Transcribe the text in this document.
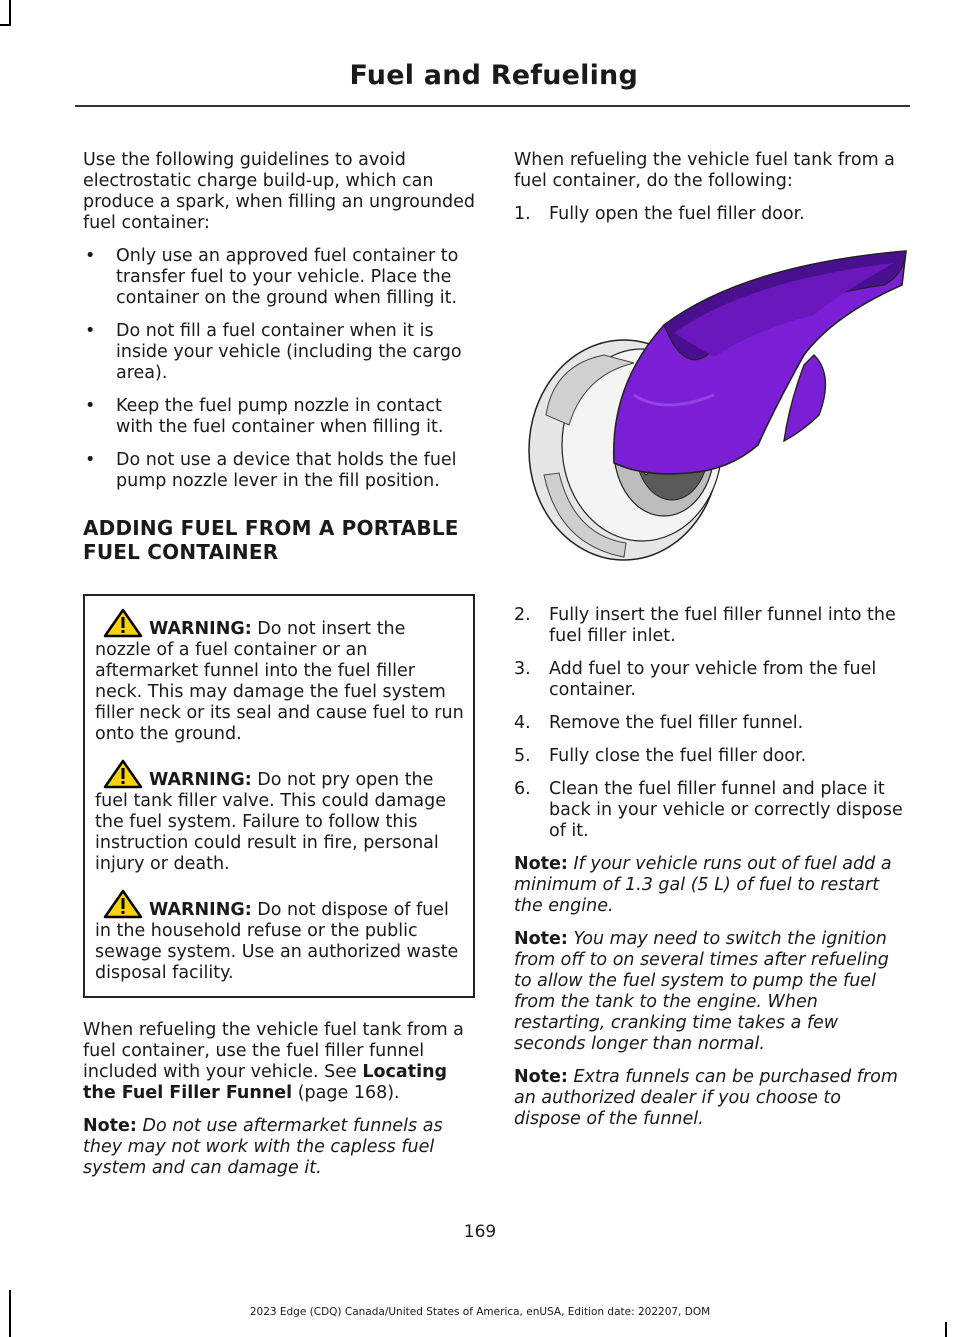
Fuel and Refueling

Use the following guidelines to avoid electrostatic charge build-up, which can produce a spark, when filling an ungrounded fuel container:

• Only use an approved fuel container to transfer fuel to your vehicle. Place the container on the ground when filling it.
• Do not fill a fuel container when it is inside your vehicle (including the cargo area).
• Keep the fuel pump nozzle in contact with the fuel container when filling it.
• Do not use a device that holds the fuel pump nozzle lever in the fill position.
ADDING FUEL FROM A PORTABLE FUEL CONTAINER
WARNING: Do not insert the nozzle of a fuel container or an aftermarket funnel into the fuel filler neck. This may damage the fuel system filler neck or its seal and cause fuel to run onto the ground.
WARNING: Do not pry open the fuel tank filler valve. This could damage the fuel system. Failure to follow this instruction could result in fire, personal injury or death.
WARNING: Do not dispose of fuel in the household refuse or the public sewage system. Use an authorized waste disposal facility.

When refueling the vehicle fuel tank from a fuel container, use the fuel filler funnel included with your vehicle. See Locating the Fuel Filler Funnel (page 168).

Note: Do not use aftermarket funnels as they may not work with the capless fuel system and can damage it.

When refueling the vehicle fuel tank from a fuel container, do the following:

1. Fully open the fuel filler door.
2. Fully insert the fuel filler funnel into the fuel filler inlet.
3. Add fuel to your vehicle from the fuel container.
4. Remove the fuel filler funnel.
5. Fully close the fuel filler door.
6. Clean the fuel filler funnel and place it back in your vehicle or correctly dispose of it.

Note: If your vehicle runs out of fuel add a minimum of 1.3 gal (5 L) of fuel to restart the engine.

Note: You may need to switch the ignition from off to on several times after refueling to allow the fuel system to pump the fuel from the tank to the engine. When restarting, cranking time takes a few seconds longer than normal.

Note: Extra funnels can be purchased from an authorized dealer if you choose to dispose of the funnel.

169
2023 Edge (CDQ) Canada/United States of America, enUSA, Edition date: 202207, DOM
